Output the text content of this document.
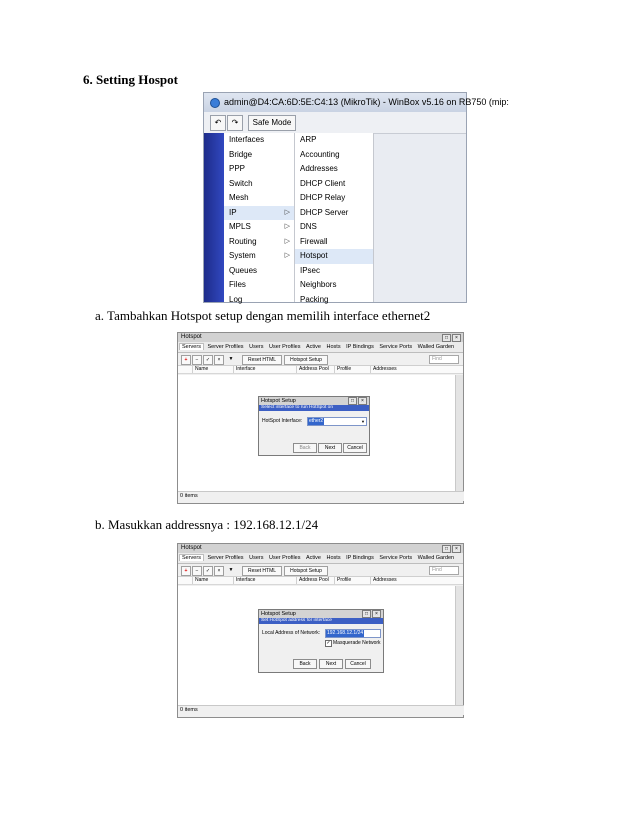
6. Setting Hospot
admin@D4:CA:6D:5E:C4:13 (MikroTik) - WinBox v5.16 on RB750 (mip:
↶	↷	Safe Mode
Interfaces
Bridge
PPP
Switch
Mesh
IP	▷
MPLS	▷
Routing	▷
System	▷
Queues
Files
Log
ARP
Accounting
Addresses
DHCP Client
DHCP Relay
DHCP Server
DNS
Firewall
Hotspot
IPsec
Neighbors
Packing
a. Tambahkan Hotspot setup dengan memilih interface ethernet2
Hotspot	□ ×
Servers Server Profiles Users User Profiles Active Hosts IP Bindings Service Ports Walled Garden
+	−	✓	×	▼	Reset HTML	Hotspot Setup	Find
Name	Interface	Address Pool	Profile	Addresses
0 items
Hotspot Setup	□ ×
Select interface to run HotSpot on
HotSpot Interface: ether2	▼
Back	Next	Cancel
b. Masukkan addressnya : 192.168.12.1/24
Hotspot	□ ×
Servers Server Profiles Users User Profiles Active Hosts IP Bindings Service Ports Walled Garden
+	−	✓	×	▼	Reset HTML	Hotspot Setup	Find
Name	Interface	Address Pool	Profile	Addresses
0 items
Hotspot Setup	□ ×
Set HotSpot address for interface
Local Address of Network: 192.168.12.1/24
✓ Masquerade Network
Back	Next	Cancel
